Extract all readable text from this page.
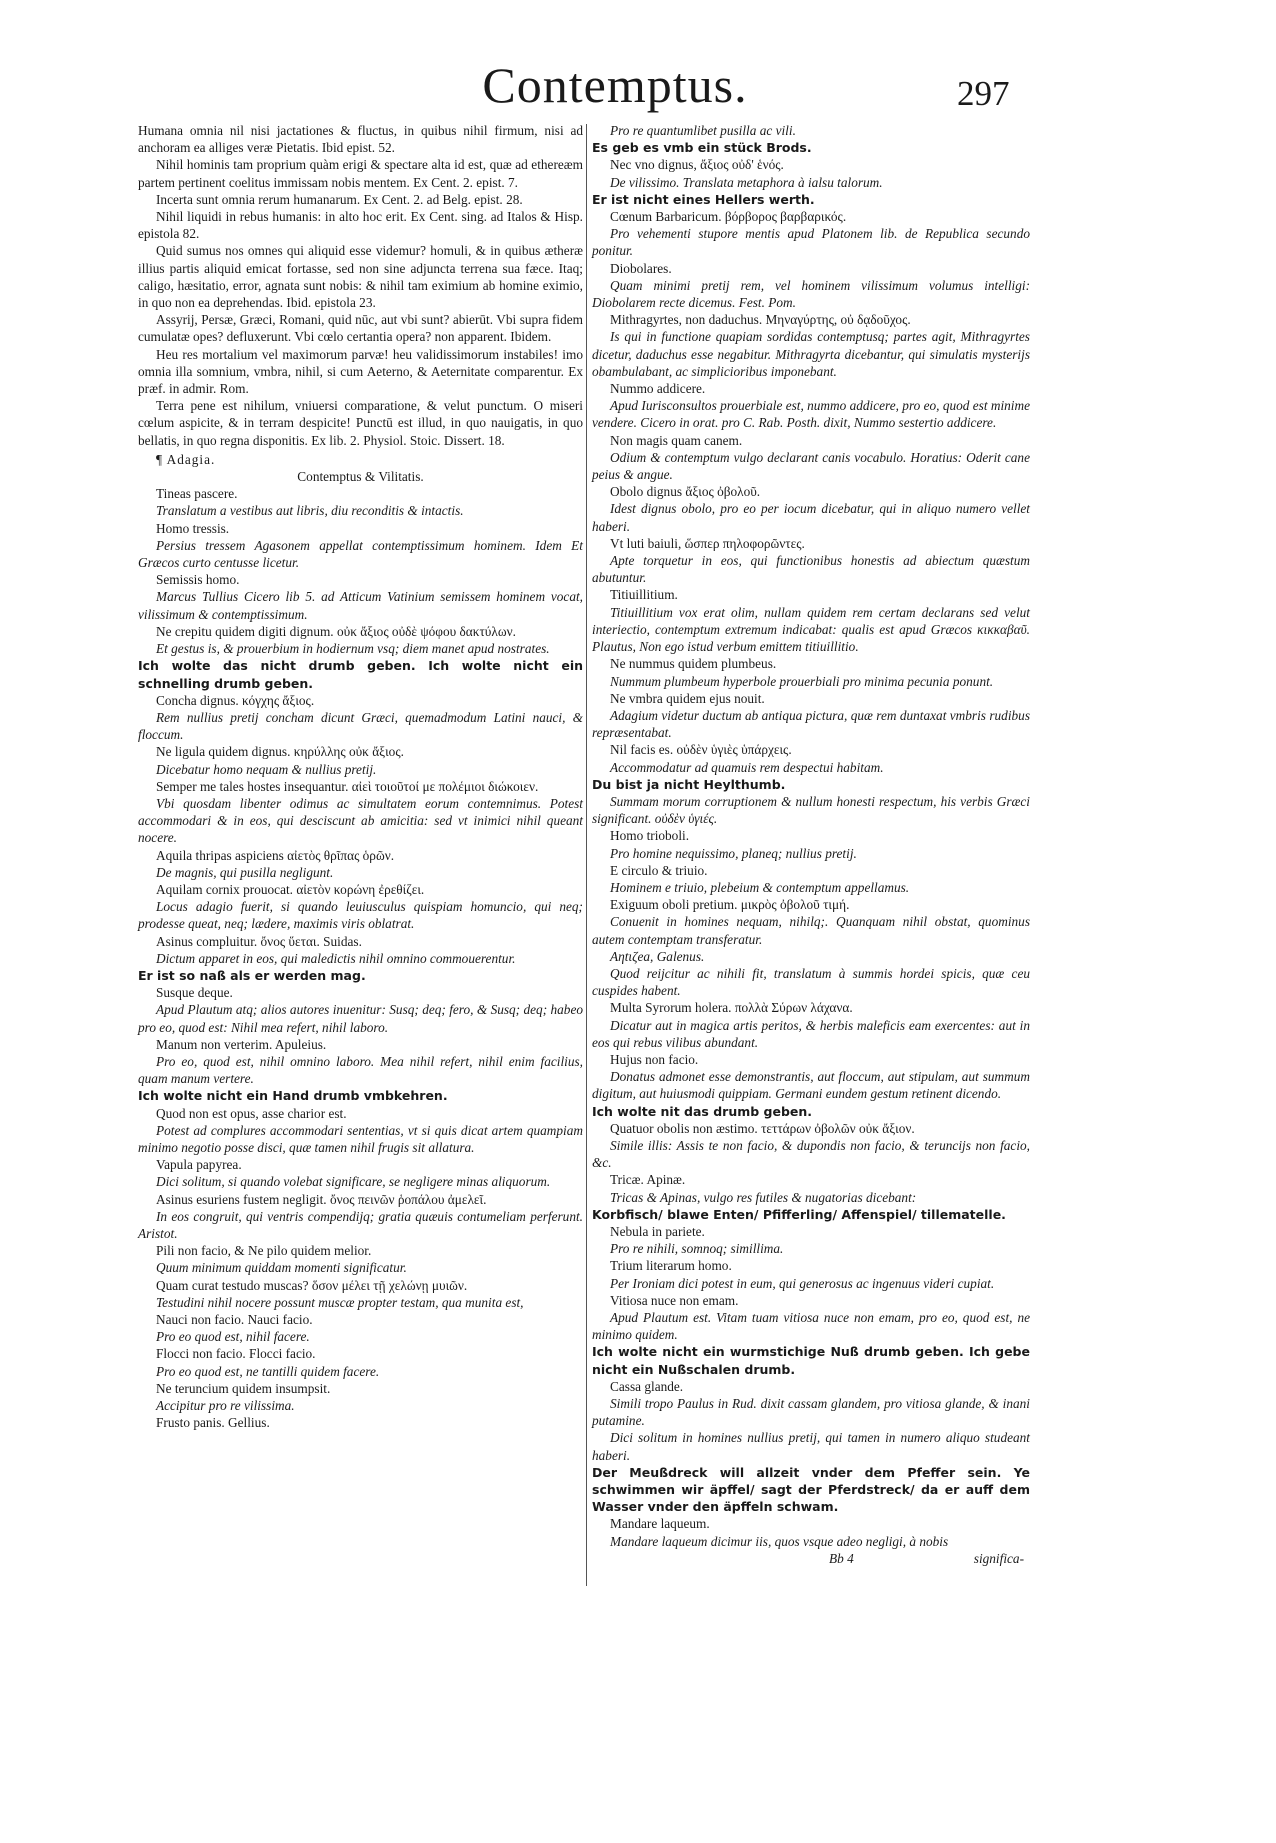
Contemptus.	297

Humana omnia nil nisi jactationes & fluctus, in quibus nihil firmum, nisi ad anchoram ea alliges veræ Pietatis. Ibid epist. 52.

Nihil hominis tam proprium quàm erigi & spectare alta id est, quæ ad ethereæm partem pertinent coelitus immissam nobis mentem. Ex Cent. 2. epist. 7.

Incerta sunt omnia rerum humanarum. Ex Cent. 2. ad Belg. epist. 28.

Nihil liquidi in rebus humanis: in alto hoc erit. Ex Cent. sing. ad Italos & Hisp. epistola 82.

Quid sumus nos omnes qui aliquid esse videmur? homuli, & in quibus ætheræ illius partis aliquid emicat fortasse, sed non sine adjuncta terrena sua fæce. Itaq; caligo, hæsitatio, error, agnata sunt nobis: & nihil tam eximium ab homine eximio, in quo non ea deprehendas. Ibid. epistola 23.

Assyrij, Persæ, Græci, Romani, quid nūc, aut vbi sunt? abierūt. Vbi supra fidem cumulatæ opes? defluxerunt. Vbi cœlo certantia opera? non apparent. Ibidem.

Heu res mortalium vel maximorum parvæ! heu validissimorum instabiles! imo omnia illa somnium, vmbra, nihil, si cum Aeterno, & Aeternitate comparentur. Ex præf. in admir. Rom.

Terra pene est nihilum, vniuersi comparatione, & velut punctum. O miseri cœlum aspicite, & in terram despicite! Punctū est illud, in quo nauigatis, in quo bellatis, in quo regna disponitis. Ex lib. 2. Physiol. Stoic. Dissert. 18.

¶ Adagia.

Contemptus & Vilitatis.

Tineas pascere.

Translatum a vestibus aut libris, diu reconditis & intactis.

Homo tressis.

Persius tressem Agasonem appellat contemptissimum hominem. Idem Et Græcos curto centusse licetur.

Semissis homo.

Marcus Tullius Cicero lib 5. ad Atticum Vatinium semissem hominem vocat, vilissimum & contemptissimum.

Ne crepitu quidem digiti dignum. οὐκ ἄξιος οὐδὲ ψόφου δακτύλων.

Et gestus is, & prouerbium in hodiernum vsq; diem manet apud nostrates.

Ich wolte das nicht drumb geben. Ich wolte nicht ein schnelling drumb geben.

Concha dignus. κόγχης ἄξιος.

Rem nullius pretij concham dicunt Græci, quemadmodum Latini nauci, & floccum.

Ne ligula quidem dignus. κηρύλλης οὐκ ἄξιος.

Dicebatur homo nequam & nullius pretij.

Semper me tales hostes insequantur. αἰεὶ τοιοῦτοί με πολέμιοι διώκοιεν.

Vbi quosdam libenter odimus ac simultatem eorum contemnimus. Potest accommodari & in eos, qui desciscunt ab amicitia: sed vt inimici nihil queant nocere.

Aquila thripas aspiciens αἰετὸς θρῖπας ὁρῶν.

De magnis, qui pusilla negligunt.

Aquilam cornix prouocat. αἰετὸν κορώνη ἐρεθίζει.

Locus adagio fuerit, si quando leuiusculus quispiam homuncio, qui neq; prodesse queat, neq; lædere, maximis viris oblatrat.

Asinus compluitur. ὄνος ὕεται. Suidas.

Dictum apparet in eos, qui maledictis nihil omnino commouerentur.

Er ist so naß als er werden mag.

Susque deque.

Apud Plautum atq; alios autores inuenitur: Susq; deq; fero, & Susq; deq; habeo pro eo, quod est: Nihil mea refert, nihil laboro.

Manum non verterim. Apuleius.

Pro eo, quod est, nihil omnino laboro. Mea nihil refert, nihil enim facilius, quam manum vertere.

Ich wolte nicht ein Hand drumb vmbkehren.

Quod non est opus, asse charior est.

Potest ad complures accommodari sententias, vt si quis dicat artem quampiam minimo negotio posse disci, quæ tamen nihil frugis sit allatura.

Vapula papyrea.

Dici solitum, si quando volebat significare, se negligere minas aliquorum.

Asinus esuriens fustem negligit. ὄνος πεινῶν ῥοπάλου ἀμελεῖ.

In eos congruit, qui ventris compendijq; gratia quæuis contumeliam perferunt. Aristot.

Pili non facio, & Ne pilo quidem melior.

Quum minimum quiddam momenti significatur.

Quam curat testudo muscas? ὅσον μέλει τῇ χελώνῃ μυιῶν.

Testudini nihil nocere possunt muscæ propter testam, qua munita est,

Nauci non facio. Nauci facio.

Pro eo quod est, nihil facere.

Flocci non facio. Flocci facio.

Pro eo quod est, ne tantilli quidem facere.

Ne teruncium quidem insumpsit.

Accipitur pro re vilissima.

Frusto panis. Gellius.

Pro re quantumlibet pusilla ac vili.

Es geb es vmb ein stück Brods.

Nec vno dignus, ἄξιος οὐδ' ἑνός.

De vilissimo. Translata metaphora à ialsu talorum.

Er ist nicht eines Hellers werth.

Cœnum Barbaricum. βόρβορος βαρβαρικός.

Pro vehementi stupore mentis apud Platonem lib. de Republica secundo ponitur.

Diobolares.

Quam minimi pretij rem, vel hominem vilissimum volumus intelligi: Diobolarem recte dicemus. Fest. Pom.

Mithragyrtes, non daduchus. Μηναγύρτης, οὐ δᾳδοῦχος.

Is qui in functione quapiam sordidas contemptusq; partes agit, Mithragyrtes dicetur, daduchus esse negabitur. Mithragyrta dicebantur, qui simulatis mysterijs obambulabant, ac simplicioribus imponebant.

Nummo addicere.

Apud Iurisconsultos prouerbiale est, nummo addicere, pro eo, quod est minime vendere. Cicero in orat. pro C. Rab. Posth. dixit, Nummo sestertio addicere.

Non magis quam canem.

Odium & contemptum vulgo declarant canis vocabulo. Horatius: Oderit cane peius & angue.

Obolo dignus ἄξιος ὀβολοῦ.

Idest dignus obolo, pro eo per iocum dicebatur, qui in aliquo numero vellet haberi.

Vt luti baiuli, ὥσπερ πηλοφορῶντες.

Apte torquetur in eos, qui functionibus honestis ad abiectum quæstum abutuntur.

Titiuillitium.

Titiuillitium vox erat olim, nullam quidem rem certam declarans sed velut interiectio, contemptum extremum indicabat: qualis est apud Græcos κικκαβαῦ. Plautus, Non ego istud verbum emittem titiuillitio.

Ne nummus quidem plumbeus.

Nummum plumbeum hyperbole prouerbiali pro minima pecunia ponunt.

Ne vmbra quidem ejus nouit.

Adagium videtur ductum ab antiqua pictura, quæ rem duntaxat vmbris rudibus repræsentabat.

Nil facis es. οὐδὲν ὑγιὲς ὑπάρχεις.

Accommodatur ad quamuis rem despectui habitam.

Du bist ja nicht Heylthumb.

Summam morum corruptionem & nullum honesti respectum, his verbis Græci significant. οὐδὲν ὑγιές.

Homo trioboli.

Pro homine nequissimo, planeq; nullius pretij.

E circulo & triuio.

Hominem e triuio, plebeium & contemptum appellamus.

Exiguum oboli pretium. μικρὸς ὀβολοῦ τιμή.

Conuenit in homines nequam, nihilq;. Quanquam nihil obstat, quominus autem contemptam transferatur.

Aηtιζea, Galenus.

Quod reijcitur ac nihili fit, translatum à summis hordei spicis, quæ ceu cuspides habent.

Multa Syrorum holera. πολλὰ Σύρων λάχανα.

Dicatur aut in magica artis peritos, & herbis maleficis eam exercentes: aut in eos qui rebus vilibus abundant.

Hujus non facio.

Donatus admonet esse demonstrantis, aut floccum, aut stipulam, aut summum digitum, aut huiusmodi quippiam. Germani eundem gestum retinent dicendo.

Ich wolte nit das drumb geben.

Quatuor obolis non æstimo. τεττάρων ὀβολῶν οὐκ ἄξιον.

Simile illis: Assis te non facio, & dupondis non facio, & teruncijs non facio, &c.

Tricæ. Apinæ.

Tricas & Apinas, vulgo res futiles & nugatorias dicebant:

Korbfisch/ blawe Enten/ Pfifferling/ Affenspiel/ tillematelle.

Nebula in pariete.

Pro re nihili, somnoq; simillima.

Trium literarum homo.

Per Ironiam dici potest in eum, qui generosus ac ingenuus videri cupiat.

Vitiosa nuce non emam.

Apud Plautum est. Vitam tuam vitiosa nuce non emam, pro eo, quod est, ne minimo quidem.

Ich wolte nicht ein wurmstichige Nuß drumb geben. Ich gebe nicht ein Nußschalen drumb.

Cassa glande.

Simili tropo Paulus in Rud. dixit cassam glandem, pro vitiosa glande, & inani putamine.

Dici solitum in homines nullius pretij, qui tamen in numero aliquo studeant haberi.

Der Meußdreck will allzeit vnder dem Pfeffer sein. Ye schwimmen wir äpffel/ sagt der Pferdstreck/ da er auff dem Wasser vnder den äpffeln schwam.

Mandare laqueum.

Mandare laqueum dicimur iis, quos vsque adeo negligi, à nobis

Bb 4	significa-
